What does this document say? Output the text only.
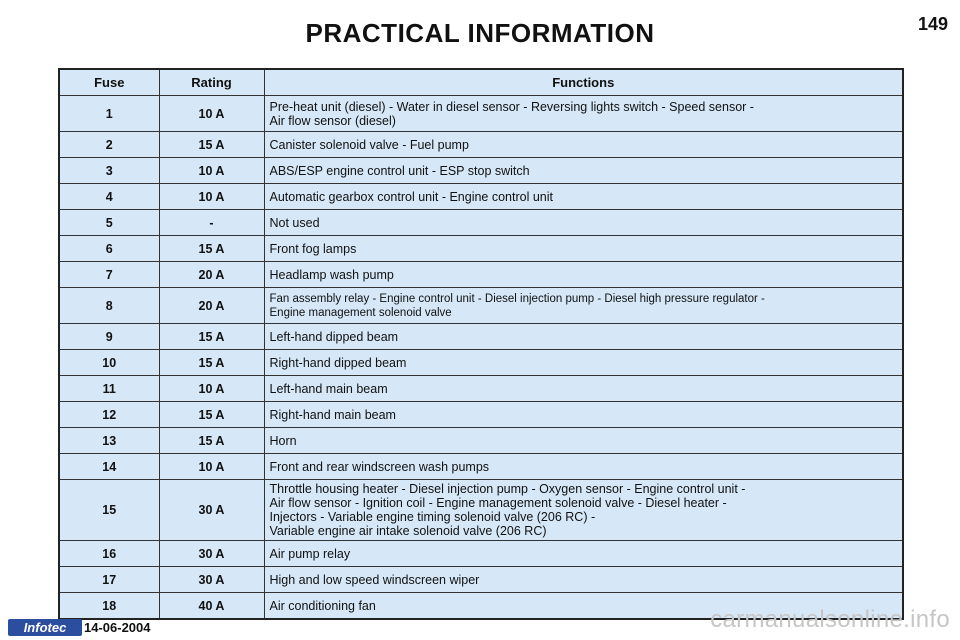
PRACTICAL INFORMATION	149
Fuse	Rating	Functions
1	10 A	Pre-heat unit (diesel) - Water in diesel sensor - Reversing lights switch - Speed sensor -
Air flow sensor (diesel)

2	15 A	Canister solenoid valve - Fuel pump

3	10 A	ABS/ESP engine control unit - ESP stop switch

4	10 A	Automatic gearbox control unit - Engine control unit

5	-	Not used

6	15 A	Front fog lamps

7	20 A	Headlamp wash pump

8	20 A	Fan assembly relay - Engine control unit - Diesel injection pump - Diesel high pressure regulator -
Engine management solenoid valve

9	15 A	Left-hand dipped beam

10	15 A	Right-hand dipped beam

11	10 A	Left-hand main beam

12	15 A	Right-hand main beam

13	15 A	Horn

14	10 A	Front and rear windscreen wash pumps

15	30 A	Throttle housing heater - Diesel injection pump - Oxygen sensor - Engine control unit -
Air flow sensor - Ignition coil - Engine management solenoid valve - Diesel heater -
Injectors - Variable engine timing solenoid valve (206 RC) -
Variable engine air intake solenoid valve (206 RC)

16	30 A	Air pump relay

17	30 A	High and low speed windscreen wiper

18	40 A	Air conditioning fan
Infotec	14-06-2004	carmanualsonline.info
